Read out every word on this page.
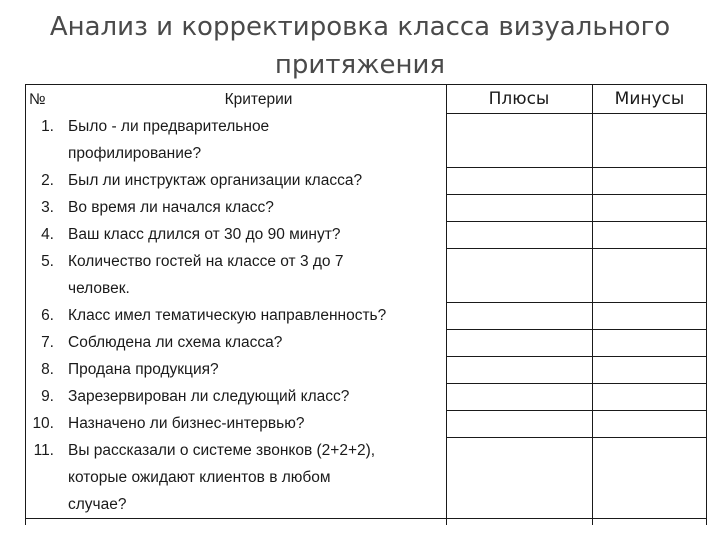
Анализ и корректировка класса визуального притяжения
№	Критерии	Плюсы	Минусы
1. Было - ли предварительное
профилирование?
2. Был ли инструктаж организации класса?
3. Во время ли начался класс?
4. Ваш класс длился от 30 до 90 минут?
5. Количество гостей на классе от 3 до 7
человек.
6. Класс имел тематическую направленность?
7. Соблюдена ли схема класса?
8. Продана продукция?
9. Зарезервирован ли следующий класс?
10. Назначено ли бизнес-интервью?
11. Вы рассказали о системе звонков (2+2+2),
которые ожидают клиентов в любом
случае?
